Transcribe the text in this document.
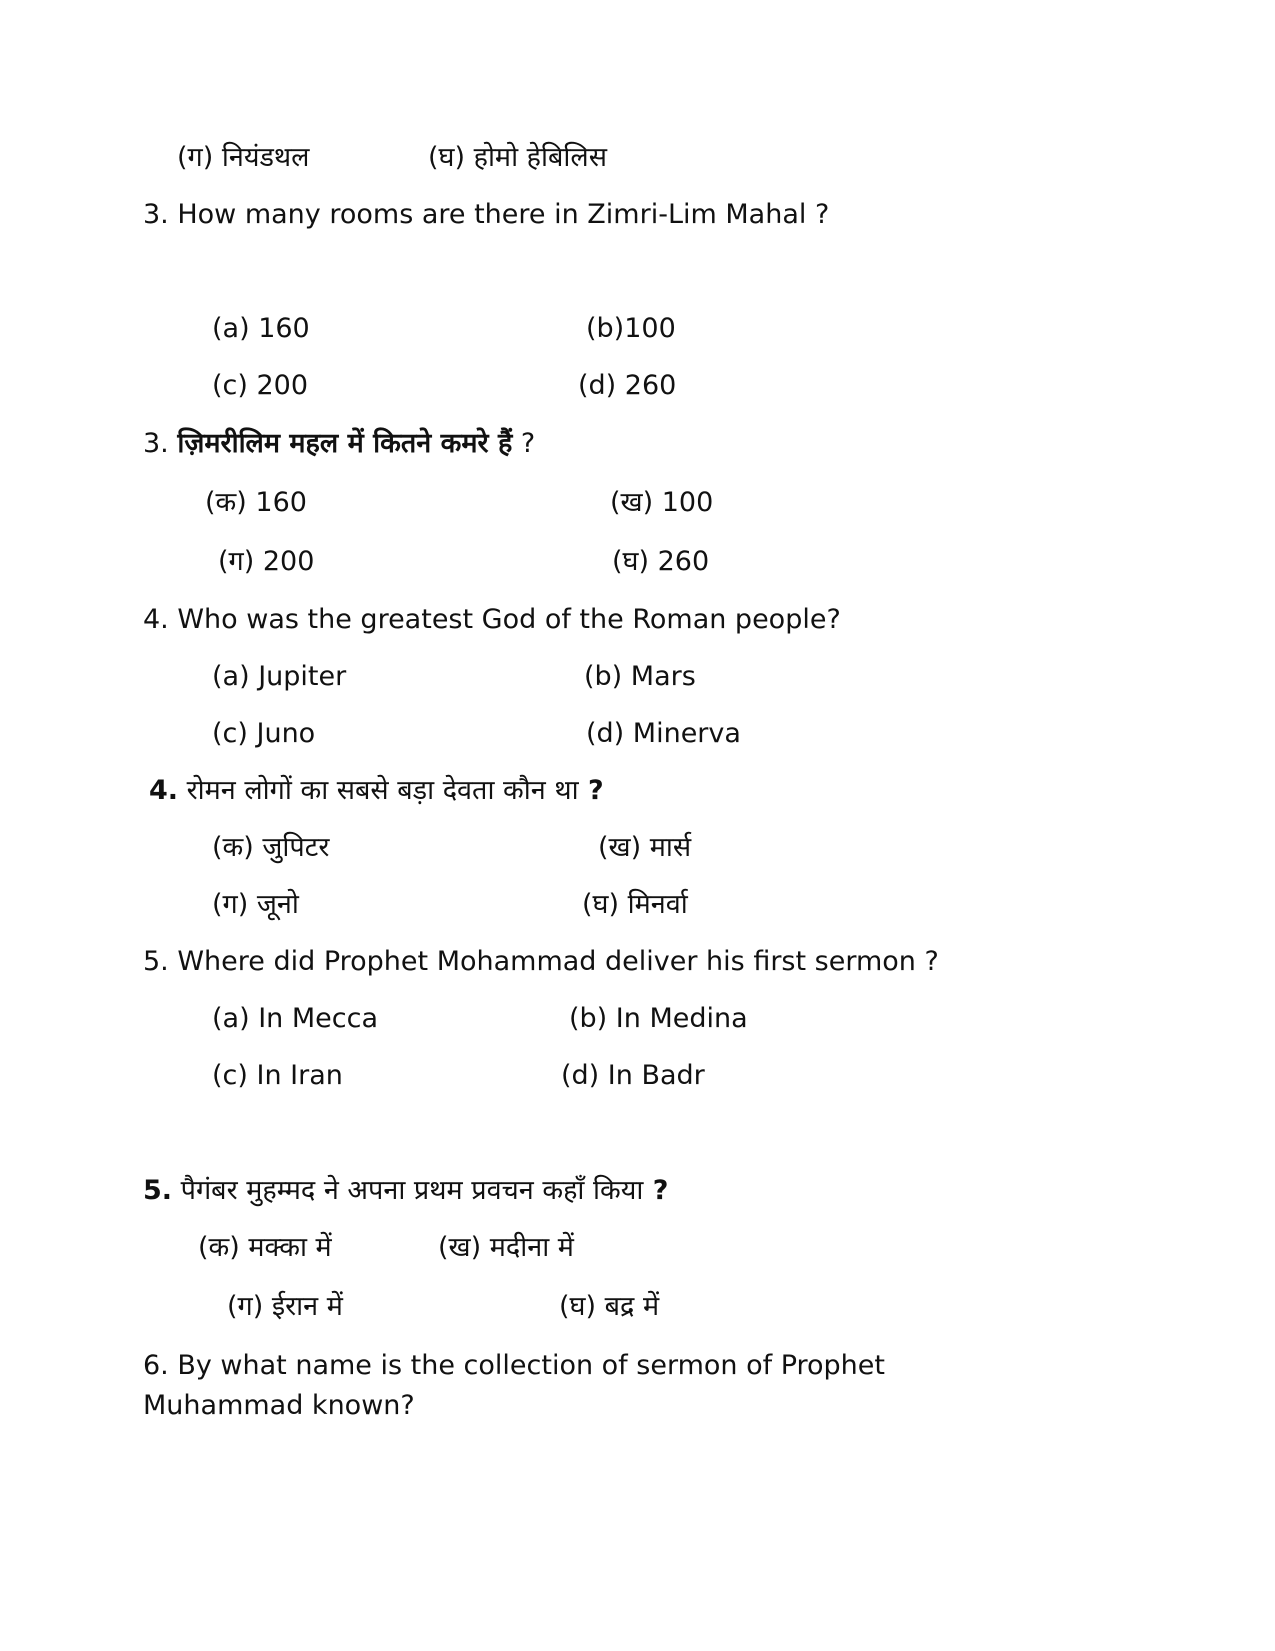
(ग) नियंडथल	(घ) होमो हेबिलिस
3. How many rooms are there in Zimri-Lim Mahal ?
(a) 160	(b)100
(c) 200	(d) 260
3. ज़िमरीलिम महल में कितने कमरे हैं ?
(क) 160	(ख) 100
(ग) 200	(घ) 260
4. Who was the greatest God of the Roman people?
(a) Jupiter	(b) Mars
(c) Juno	(d) Minerva
4. रोमन लोगों का सबसे बड़ा देवता कौन था ?
(क) जुपिटर	(ख) मार्स
(ग) जूनो	(घ) मिनर्वा
5. Where did Prophet Mohammad deliver his first sermon ?
(a) In Mecca	(b) In Medina
(c) In Iran	(d) In Badr
5. पैगंबर मुहम्मद ने अपना प्रथम प्रवचन कहाँ किया ?
(क) मक्का में	(ख) मदीना में
(ग) ईरान में	(घ) बद्र में
6. By what name is the collection of sermon of Prophet Muhammad known?
